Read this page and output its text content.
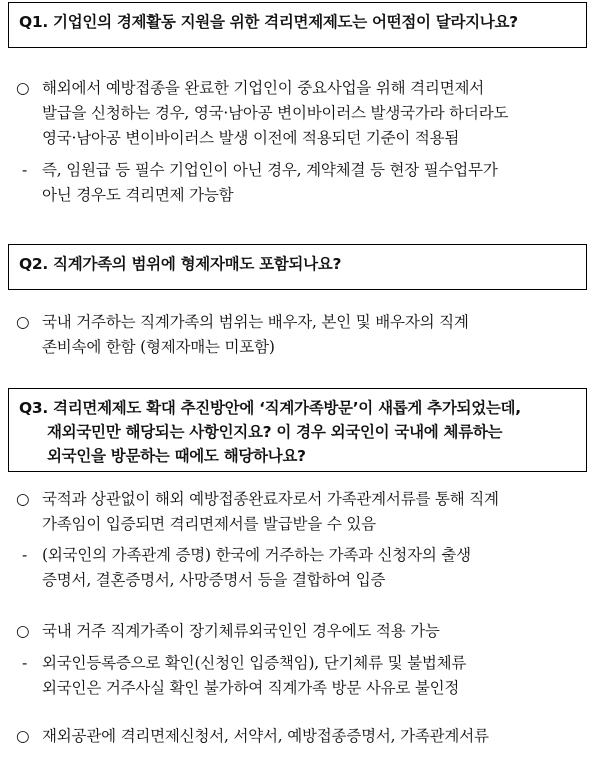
Q1. 기업인의 경제활동 지원을 위한 격리면제제도는 어떤점이 달라지나요?
○ 해외에서 예방접종을 완료한 기업인이 중요사업을 위해 격리면제서
발급을 신청하는 경우, 영국·남아공 변이바이러스 발생국가라 하더라도
영국·남아공 변이바이러스 발생 이전에 적용되던 기준이 적용됨
- 즉, 임원급 등 필수 기업인이 아닌 경우, 계약체결 등 현장 필수업무가
아닌 경우도 격리면제 가능함
Q2. 직계가족의 범위에 형제자매도 포함되나요?
○ 국내 거주하는 직계가족의 범위는 배우자, 본인 및 배우자의 직계
존비속에 한함 (형제자매는 미포함)
Q3. 격리면제제도 확대 추진방안에 ‘직계가족방문’이 새롭게 추가되었는데,
재외국민만 해당되는 사항인지요? 이 경우 외국인이 국내에 체류하는
외국인을 방문하는 때에도 해당하나요?
○ 국적과 상관없이 해외 예방접종완료자로서 가족관계서류를 통해 직계
가족임이 입증되면 격리면제서를 발급받을 수 있음
- (외국인의 가족관계 증명) 한국에 거주하는 가족과 신청자의 출생
증명서, 결혼증명서, 사망증명서 등을 결합하여 입증
○ 국내 거주 직계가족이 장기체류외국인인 경우에도 적용 가능
- 외국인등록증으로 확인(신청인 입증책임), 단기체류 및 불법체류
외국인은 거주사실 확인 불가하여 직계가족 방문 사유로 불인정
○ 재외공관에 격리면제신청서, 서약서, 예방접종증명서, 가족관계서류
